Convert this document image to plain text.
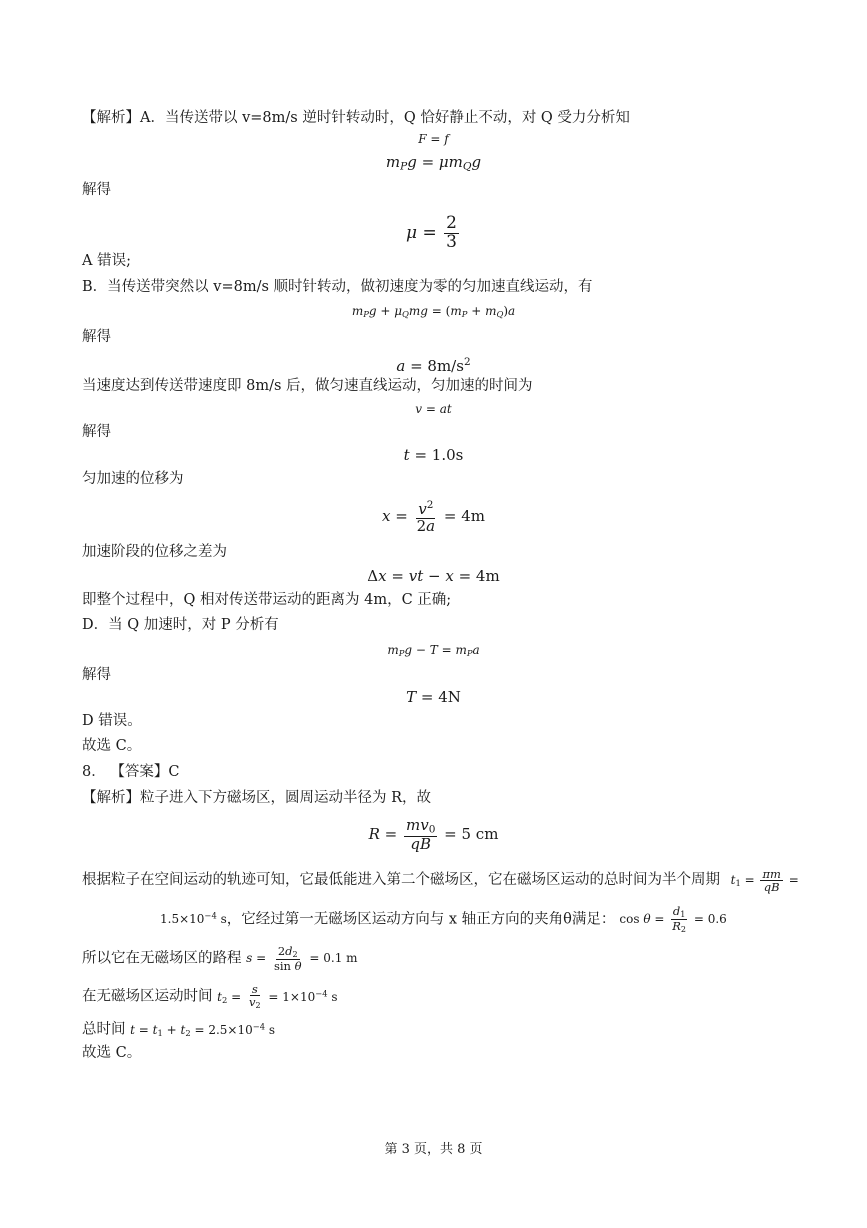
【解析】A．当传送带以 v=8m/s 逆时针转动时，Q 恰好静止不动，对 Q 受力分析知
F = f
$m_Pg = \mu m_Qg$
解得
$\mu = \frac{2}{3}$
A 错误;
B．当传送带突然以 v=8m/s 顺时针转动，做初速度为零的匀加速直线运动，有
$m_Pg + \mu_Qmg = (m_P + m_Q)a$
解得
$a = 8m/s^2$
当速度达到传送带速度即 8m/s 后，做匀速直线运动，匀加速的时间为
v = at
解得
t = 1.0s
匀加速的位移为
$x = \frac{v^2}{2a} = 4m$
加速阶段的位移之差为
Δx = vt − x = 4m
即整个过程中，Q 相对传送带运动的距离为 4m，C 正确;
D．当 Q 加速时，对 P 分析有
$m_Pg - T = m_Pa$
解得
T = 4N
D 错误。
故选 C。
8． 【答案】C
【解析】粒子进入下方磁场区，圆周运动半径为 R，故
$R = \frac{mv_0}{qB} = 5$ cm
根据粒子在空间运动的轨迹可知，它最低能进入第二个磁场区，它在磁场区运动的总时间为半个周期 $t_1 = \frac{\pi m}{qB}$ =
$1.5\times 10^{-4}$ s，它经过第一无磁场区运动方向与 x 轴正方向的夹角θ满足： $\cos \theta = \frac{d_1}{R_2} = 0.6$
所以它在无磁场区的路程 $s = \frac{2d_2}{\text{sin θ}} = 0.1$ m
在无磁场区运动时间 $t_2 = \frac{s}{v_2} = 1\times 10^{-4}$ s
总时间 $t = t_1 + t_2 = 2.5\times 10^{-4}$ s
故选 C。
第 3 页，共 8 页
